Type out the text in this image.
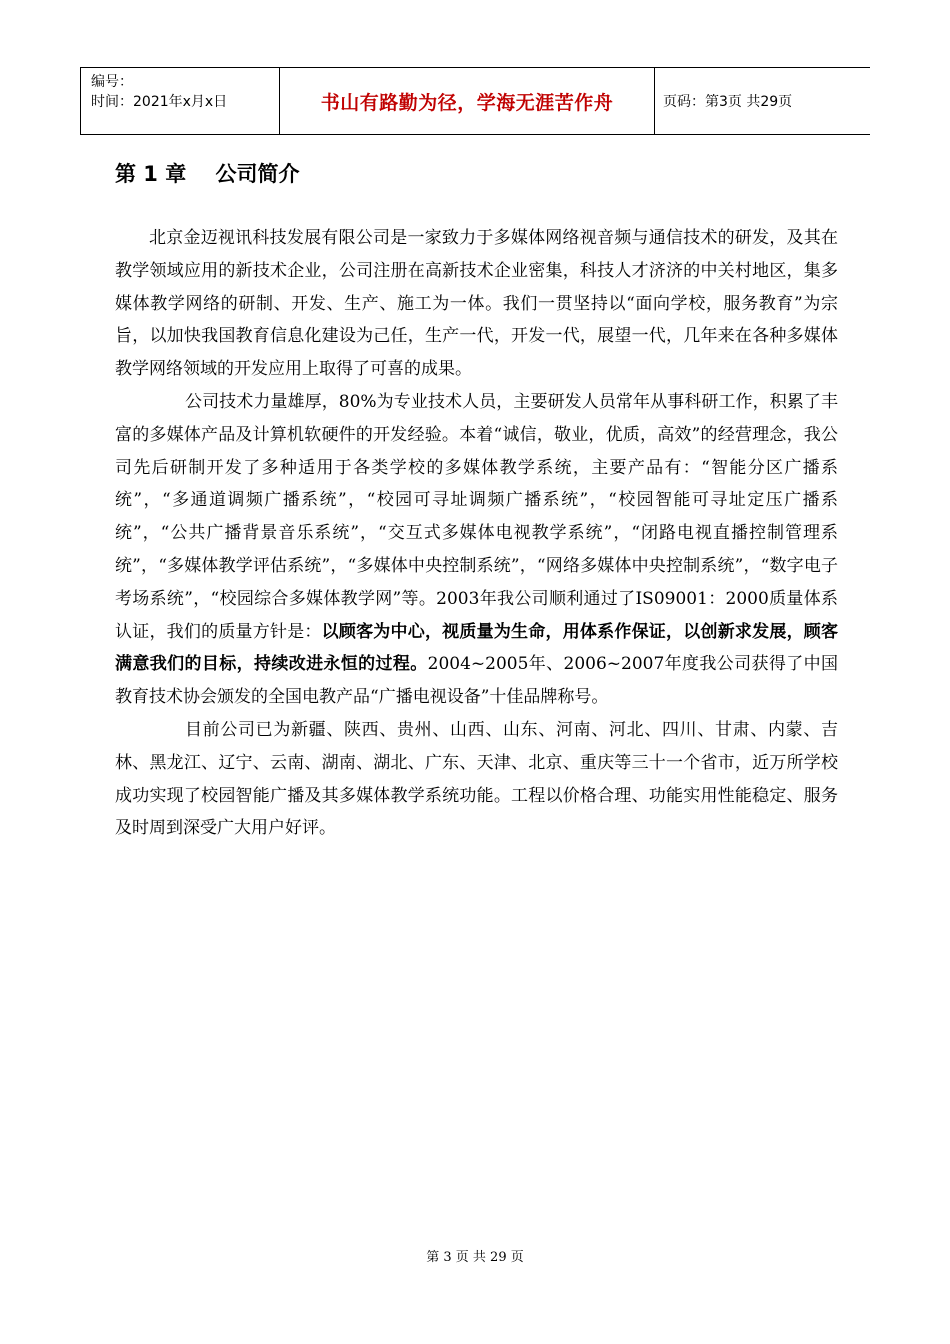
编号：
时间：2021年x月x日	书山有路勤为径，学海无涯苦作舟	页码：第3页 共29页
第 1 章    公司简介

北京金迈视讯科技发展有限公司是一家致力于多媒体网络视音频与通信技术的研发，及其在教学领域应用的新技术企业，公司注册在高新技术企业密集，科技人才济济的中关村地区，集多媒体教学网络的研制、开发、生产、施工为一体。我们一贯坚持以“面向学校，服务教育”为宗旨，以加快我国教育信息化建设为己任，生产一代，开发一代，展望一代，几年来在各种多媒体教学网络领域的开发应用上取得了可喜的成果。

公司技术力量雄厚，80%为专业技术人员，主要研发人员常年从事科研工作，积累了丰富的多媒体产品及计算机软硬件的开发经验。本着“诚信，敬业，优质，高效”的经营理念，我公司先后研制开发了多种适用于各类学校的多媒体教学系统，主要产品有：“智能分区广播系统”，“多通道调频广播系统”，“校园可寻址调频广播系统”，“校园智能可寻址定压广播系统”，“公共广播背景音乐系统”，“交互式多媒体电视教学系统”，“闭路电视直播控制管理系统”，“多媒体教学评估系统”，“多媒体中央控制系统”，“网络多媒体中央控制系统”，“数字电子考场系统”，“校园综合多媒体教学网”等。2003年我公司顺利通过了IS09001：2000质量体系认证，我们的质量方针是：以顾客为中心，视质量为生命，用体系作保证，以创新求发展，顾客满意我们的目标，持续改进永恒的过程。2004~2005年、2006~2007年度我公司获得了中国教育技术协会颁发的全国电教产品“广播电视设备”十佳品牌称号。

目前公司已为新疆、陕西、贵州、山西、山东、河南、河北、四川、甘肃、内蒙、吉林、黑龙江、辽宁、云南、湖南、湖北、广东、天津、北京、重庆等三十一个省市，近万所学校成功实现了校园智能广播及其多媒体教学系统功能。工程以价格合理、功能实用性能稳定、服务及时周到深受广大用户好评。

第 3 页 共 29 页
